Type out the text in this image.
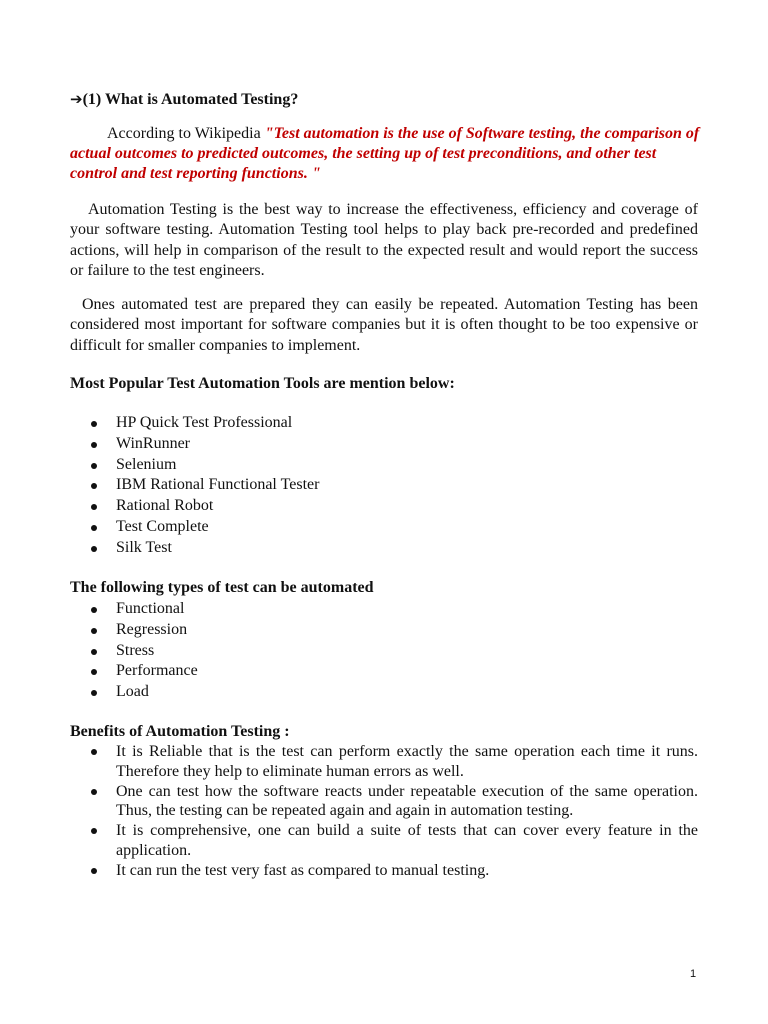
➔(1) What is Automated Testing?
According to Wikipedia "Test automation is the use of Software testing, the comparison of actual outcomes to predicted outcomes, the setting up of test preconditions, and other test control and test reporting functions. "
Automation Testing is the best way to increase the effectiveness, efficiency and coverage of your software testing. Automation Testing tool helps to play back pre-recorded and predefined actions, will help in comparison of the result to the expected result and would report the success or failure to the test engineers.
Ones automated test are prepared they can easily be repeated. Automation Testing has been considered most important for software companies but it is often thought to be too expensive or difficult for smaller companies to implement.
Most Popular Test Automation Tools are mention below:
HP Quick Test Professional
WinRunner
Selenium
IBM Rational Functional Tester
Rational Robot
Test Complete
Silk Test
The following types of test can be automated
Functional
Regression
Stress
Performance
Load
Benefits of Automation Testing :
It is Reliable that is the test can perform exactly the same operation each time it runs. Therefore they help to eliminate human errors as well.
One can test how the software reacts under repeatable execution of the same operation. Thus, the testing can be repeated again and again in automation testing.
It is comprehensive, one can build a suite of tests that can cover every feature in the application.
It can run the test very fast as compared to manual testing.
1
